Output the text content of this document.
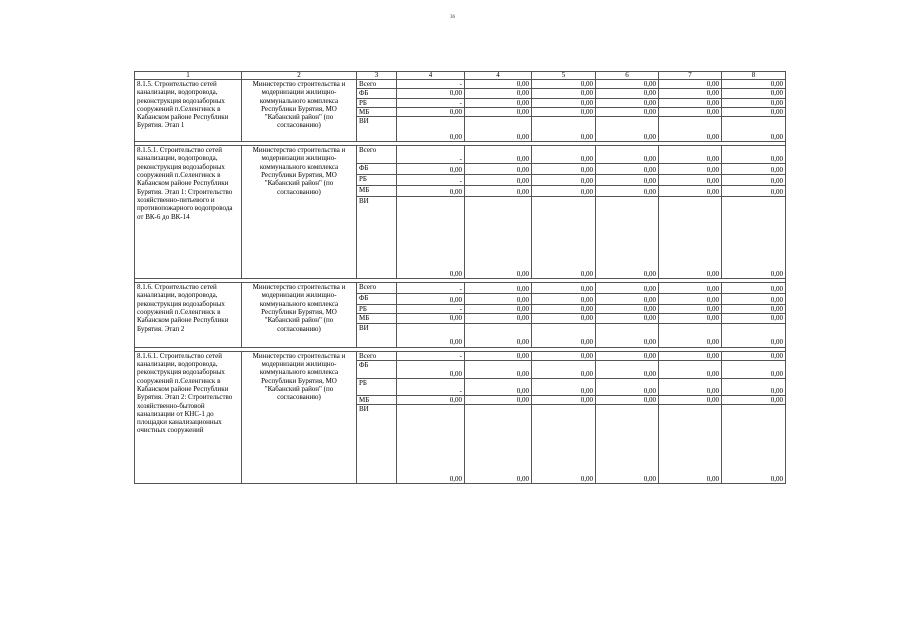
36
1	2	3	4	4	5	6	7	8
8.1.5. Строительство сетей канализации, водопровода, реконструкция водозаборных сооружений п.Селенгинск в Кабанском районе Республики Бурятия. Этап 1	Министерство строительства и модернизации жилищно-коммунального комплекса Республики Бурятия, МО "Кабанский район" (по согласованию)	Всего	-	0,00	0,00	0,00	0,00	0,00
		ФБ	0,00	0,00	0,00	0,00	0,00	0,00
		РБ	-	0,00	0,00	0,00	0,00	0,00
		МБ	0,00	0,00	0,00	0,00	0,00	0,00
		ВИ	0,00	0,00	0,00	0,00	0,00	0,00

8.1.5.1. Строительство сетей канализации, водопровода, реконструкция водозаборных сооружений п.Селенгинск в Кабанском районе Республики Бурятия. Этап 1: Строительство хозяйственно-питьевого и противопожарного водопровода от ВК-6 до ВК-14	Министерство строительства и модернизации жилищно-коммунального комплекса Республики Бурятия, МО "Кабанский район" (по согласованию)	Всего	-	0,00	0,00	0,00	0,00	0,00
		ФБ	0,00	0,00	0,00	0,00	0,00	0,00
		РБ	-	0,00	0,00	0,00	0,00	0,00
		МБ	0,00	0,00	0,00	0,00	0,00	0,00
		ВИ	0,00	0,00	0,00	0,00	0,00	0,00

8.1.6. Строительство сетей канализации, водопровода, реконструкция водозаборных сооружений п.Селенгинск в Кабанском районе Республики Бурятия. Этап 2	Министерство строительства и модернизации жилищно-коммунального комплекса Республики Бурятия, МО "Кабанский район" (по согласованию)	Всего	-	0,00	0,00	0,00	0,00	0,00
		ФБ	0,00	0,00	0,00	0,00	0,00	0,00
		РБ	-	0,00	0,00	0,00	0,00	0,00
		МБ	0,00	0,00	0,00	0,00	0,00	0,00
		ВИ	0,00	0,00	0,00	0,00	0,00	0,00

8.1.6.1. Строительство сетей канализации, водопровода, реконструкция водозаборных сооружений п.Селенгинск в Кабанском районе Республики Бурятия. Этап 2: Строительство хозяйственно-бытовой канализации от КНС-1 до площадки канализационных очистных сооружений	Министерство строительства и модернизации жилищно-коммунального комплекса Республики Бурятия, МО "Кабанский район" (по согласованию)	Всего	-	0,00	0,00	0,00	0,00	0,00
		ФБ	0,00	0,00	0,00	0,00	0,00	0,00
		РБ	-	0,00	0,00	0,00	0,00	0,00
		МБ	0,00	0,00	0,00	0,00	0,00	0,00
		ВИ	0,00	0,00	0,00	0,00	0,00	0,00
